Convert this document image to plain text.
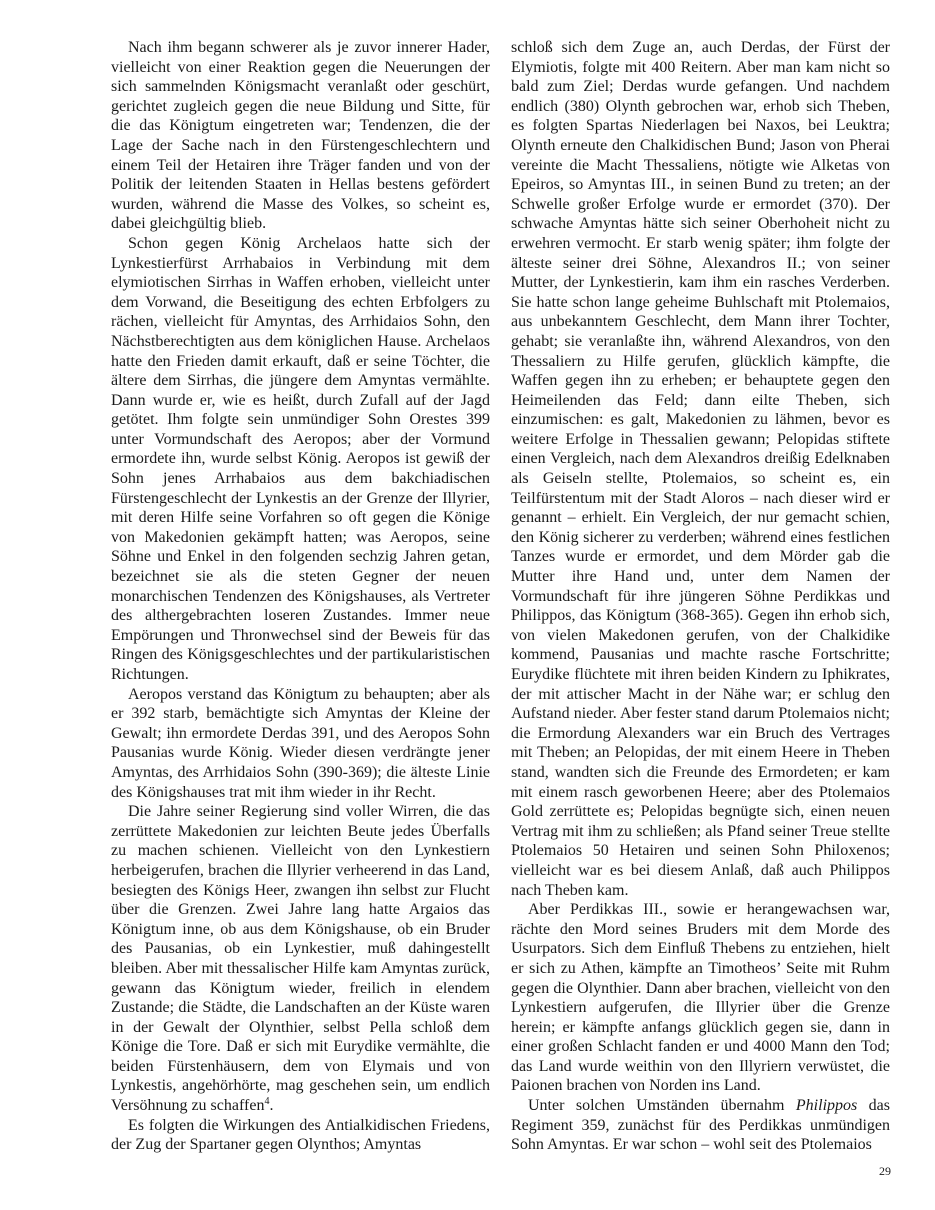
Nach ihm begann schwerer als je zuvor innerer Hader, vielleicht von einer Reaktion gegen die Neuerungen der sich sammelnden Königsmacht veranlaßt oder geschürt, gerichtet zugleich gegen die neue Bildung und Sitte, für die das Königtum eingetreten war; Tendenzen, die der Lage der Sache nach in den Fürstengeschlechtern und einem Teil der Hetairen ihre Träger fanden und von der Politik der leitenden Staaten in Hellas bestens gefördert wurden, während die Masse des Volkes, so scheint es, dabei gleichgültig blieb.

Schon gegen König Archelaos hatte sich der Lynkestierfürst Arrhabaios in Verbindung mit dem elymiotischen Sirrhas in Waffen erhoben, vielleicht unter dem Vorwand, die Beseitigung des echten Erbfolgers zu rächen, vielleicht für Amyntas, des Arrhidaios Sohn, den Nächstberechtigten aus dem königlichen Hause. Archelaos hatte den Frieden damit erkauft, daß er seine Töchter, die ältere dem Sirrhas, die jüngere dem Amyntas vermählte. Dann wurde er, wie es heißt, durch Zufall auf der Jagd getötet. Ihm folgte sein unmündiger Sohn Orestes 399 unter Vormundschaft des Aeropos; aber der Vormund ermordete ihn, wurde selbst König. Aeropos ist gewiß der Sohn jenes Arrhabaios aus dem bakchiadischen Fürstengeschlecht der Lynkestis an der Grenze der Illyrier, mit deren Hilfe seine Vorfahren so oft gegen die Könige von Makedonien gekämpft hatten; was Aeropos, seine Söhne und Enkel in den folgenden sechzig Jahren getan, bezeichnet sie als die steten Gegner der neuen monarchischen Tendenzen des Königshauses, als Vertreter des althergebrachten loseren Zustandes. Immer neue Empörungen und Thronwechsel sind der Beweis für das Ringen des Königsgeschlechtes und der partikularistischen Richtungen.

Aeropos verstand das Königtum zu behaupten; aber als er 392 starb, bemächtigte sich Amyntas der Kleine der Gewalt; ihn ermordete Derdas 391, und des Aeropos Sohn Pausanias wurde König. Wieder diesen verdrängte jener Amyntas, des Arrhidaios Sohn (390-369); die älteste Linie des Königshauses trat mit ihm wieder in ihr Recht.

Die Jahre seiner Regierung sind voller Wirren, die das zerrüttete Makedonien zur leichten Beute jedes Überfalls zu machen schienen. Vielleicht von den Lynkestiern herbeigerufen, brachen die Illyrier verheerend in das Land, besiegten des Königs Heer, zwangen ihn selbst zur Flucht über die Grenzen. Zwei Jahre lang hatte Argaios das Königtum inne, ob aus dem Königshause, ob ein Bruder des Pausanias, ob ein Lynkestier, muß dahingestellt bleiben. Aber mit thessalischer Hilfe kam Amyntas zurück, gewann das Königtum wieder, freilich in elendem Zustande; die Städte, die Landschaften an der Küste waren in der Gewalt der Olynthier, selbst Pella schloß dem Könige die Tore. Daß er sich mit Eurydike vermählte, die beiden Fürstenhäusern, dem von Elymais und von Lynkestis, angehörhörte, mag geschehen sein, um endlich Versöhnung zu schaffen$^4$.

Es folgten die Wirkungen des Antialkidischen Friedens, der Zug der Spartaner gegen Olynthos; Amyntas

schloß sich dem Zuge an, auch Derdas, der Fürst der Elymiotis, folgte mit 400 Reitern. Aber man kam nicht so bald zum Ziel; Derdas wurde gefangen. Und nachdem endlich (380) Olynth gebrochen war, erhob sich Theben, es folgten Spartas Niederlagen bei Naxos, bei Leuktra; Olynth erneute den Chalkidischen Bund; Jason von Pherai vereinte die Macht Thessaliens, nötigte wie Alketas von Epeiros, so Amyntas III., in seinen Bund zu treten; an der Schwelle großer Erfolge wurde er ermordet (370). Der schwache Amyntas hätte sich seiner Oberhoheit nicht zu erwehren vermocht. Er starb wenig später; ihm folgte der älteste seiner drei Söhne, Alexandros II.; von seiner Mutter, der Lynkestierin, kam ihm ein rasches Verderben. Sie hatte schon lange geheime Buhlschaft mit Ptolemaios, aus unbekanntem Geschlecht, dem Mann ihrer Tochter, gehabt; sie veranlaßte ihn, während Alexandros, von den Thessaliern zu Hilfe gerufen, glücklich kämpfte, die Waffen gegen ihn zu erheben; er behauptete gegen den Heimeilenden das Feld; dann eilte Theben, sich einzumischen: es galt, Makedonien zu lähmen, bevor es weitere Erfolge in Thessalien gewann; Pelopidas stiftete einen Vergleich, nach dem Alexandros dreißig Edelknaben als Geiseln stellte, Ptolemaios, so scheint es, ein Teilfürstentum mit der Stadt Aloros – nach dieser wird er genannt – erhielt. Ein Vergleich, der nur gemacht schien, den König sicherer zu verderben; während eines festlichen Tanzes wurde er ermordet, und dem Mörder gab die Mutter ihre Hand und, unter dem Namen der Vormundschaft für ihre jüngeren Söhne Perdikkas und Philippos, das Königtum (368-365). Gegen ihn erhob sich, von vielen Makedonen gerufen, von der Chalkidike kommend, Pausanias und machte rasche Fortschritte; Eurydike flüchtete mit ihren beiden Kindern zu Iphikrates, der mit attischer Macht in der Nähe war; er schlug den Aufstand nieder. Aber fester stand darum Ptolemaios nicht; die Ermordung Alexanders war ein Bruch des Vertrages mit Theben; an Pelopidas, der mit einem Heere in Theben stand, wandten sich die Freunde des Ermordeten; er kam mit einem rasch geworbenen Heere; aber des Ptolemaios Gold zerrüttete es; Pelopidas begnügte sich, einen neuen Vertrag mit ihm zu schließen; als Pfand seiner Treue stellte Ptolemaios 50 Hetairen und seinen Sohn Philoxenos; vielleicht war es bei diesem Anlaß, daß auch Philippos nach Theben kam.

Aber Perdikkas III., sowie er herangewachsen war, rächte den Mord seines Bruders mit dem Morde des Usurpators. Sich dem Einfluß Thebens zu entziehen, hielt er sich zu Athen, kämpfte an Timotheos’ Seite mit Ruhm gegen die Olynthier. Dann aber brachen, vielleicht von den Lynkestiern aufgerufen, die Illyrier über die Grenze herein; er kämpfte anfangs glücklich gegen sie, dann in einer großen Schlacht fanden er und 4000 Mann den Tod; das Land wurde weithin von den Illyriern verwüstet, die Paionen brachen von Norden ins Land.

Unter solchen Umständen übernahm Philippos das Regiment 359, zunächst für des Perdikkas unmündigen Sohn Amyntas. Er war schon – wohl seit des Ptolemaios

29
